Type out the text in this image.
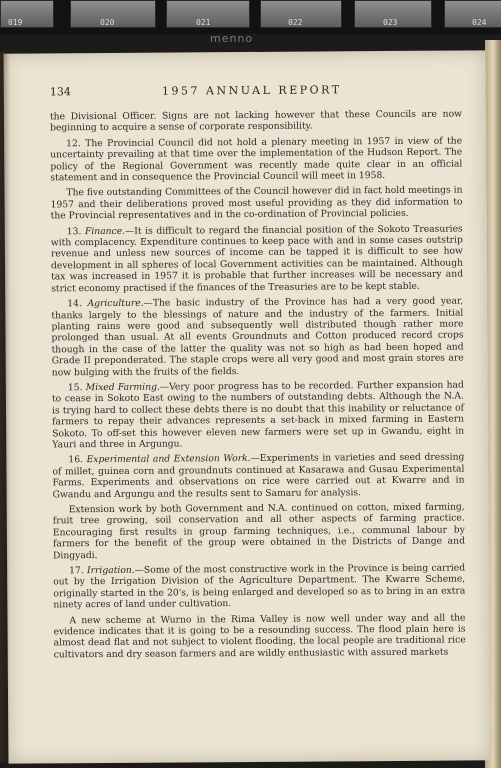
019	020	021	022	023	024
menno
134	1957 ANNUAL REPORT

the Divisional Officer. Signs are not lacking however that these Councils are now beginning to acquire a sense of corporate responsibility.

12. The Provincial Council did not hold a plenary meeting in 1957 in view of the uncertainty prevailing at that time over the implementation of the Hudson Report. The policy of the Regional Government was recently made quite clear in an official statement and in consequence the Provincial Council will meet in 1958.

The five outstanding Committees of the Council however did in fact hold meetings in 1957 and their deliberations proved most useful providing as they did information to the Provincial representatives and in the co-ordination of Provincial policies.

13. Finance.—It is difficult to regard the financial position of the Sokoto Treasuries with complacency. Expenditure continues to keep pace with and in some cases outstrip revenue and unless new sources of income can be tapped it is difficult to see how development in all spheres of local Government activities can be maintained. Although tax was increased in 1957 it is probable that further increases will be necessary and strict economy practised if the finances of the Treasuries are to be kept stable.

14. Agriculture.—The basic industry of the Province has had a very good year, thanks largely to the blessings of nature and the industry of the farmers. Initial planting rains were good and subsequently well distributed though rather more prolonged than usual. At all events Groundnuts and Cotton produced record crops though in the case of the latter the quality was not so high as had been hoped and Grade II preponderated. The staple crops were all very good and most grain stores are now bulging with the fruits of the fields.

15. Mixed Farming.—Very poor progress has to be recorded. Further expansion had to cease in Sokoto East owing to the numbers of outstanding debts. Although the N.A. is trying hard to collect these debts there is no doubt that this inability or reluctance of farmers to repay their advances represents a set-back in mixed farming in Eastern Sokoto. To off-set this however eleven new farmers were set up in Gwandu, eight in Yauri and three in Argungu.

16. Experimental and Extension Work.—Experiments in varieties and seed dressing of millet, guinea corn and groundnuts continued at Kasarawa and Gusau Experimental Farms. Experiments and observations on rice were carried out at Kwarre and in Gwandu and Argungu and the results sent to Samaru for analysis.

Extension work by both Government and N.A. continued on cotton, mixed farming, fruit tree growing, soil conservation and all other aspects of farming practice. Encouraging first results in group farming techniques, i.e., communal labour by farmers for the benefit of the group were obtained in the Districts of Dange and Dingyadi.

17. Irrigation.—Some of the most constructive work in the Province is being carried out by the Irrigation Division of the Agriculture Department. The Kwarre Scheme, originally started in the 20's, is being enlarged and developed so as to bring in an extra ninety acres of land under cultivation.

A new scheme at Wurno in the Rima Valley is now well under way and all the evidence indicates that it is going to be a resounding success. The flood plain here is almost dead flat and not subject to violent flooding, the local people are traditional rice cultivators and dry season farmers and are wildly enthusiastic with assured markets
